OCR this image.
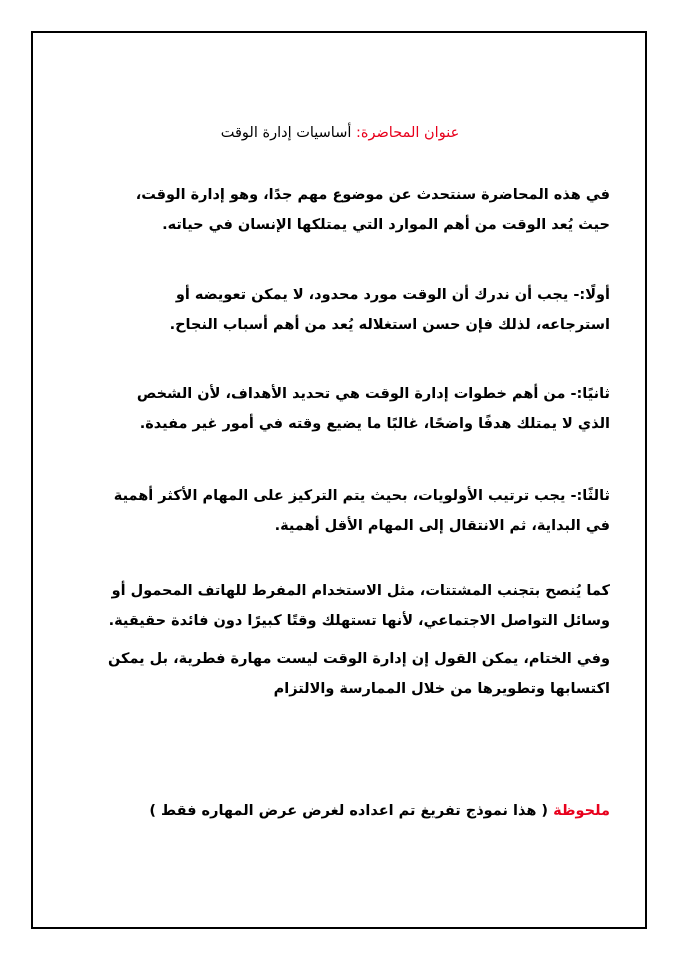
عنوان المحاضرة: أساسيات إدارة الوقت

في هذه المحاضرة سنتحدث عن موضوع مهم جدًا، وهو إدارة الوقت،
حيث يُعد الوقت من أهم الموارد التي يمتلكها الإنسان في حياته.

أولًا:- يجب أن ندرك أن الوقت مورد محدود، لا يمكن تعويضه أو
استرجاعه، لذلك فإن حسن استغلاله يُعد من أهم أسباب النجاح.

ثانيًا:- من أهم خطوات إدارة الوقت هي تحديد الأهداف، لأن الشخص
الذي لا يمتلك هدفًا واضحًا، غالبًا ما يضيع وقته في أمور غير مفيدة.

ثالثًا:- يجب ترتيب الأولويات، بحيث يتم التركيز على المهام الأكثر أهمية
في البداية، ثم الانتقال إلى المهام الأقل أهمية.

كما يُنصح بتجنب المشتتات، مثل الاستخدام المفرط للهاتف المحمول أو
وسائل التواصل الاجتماعي، لأنها تستهلك وقتًا كبيرًا دون فائدة حقيقية.

وفي الختام، يمكن القول إن إدارة الوقت ليست مهارة فطرية، بل يمكن
اكتسابها وتطويرها من خلال الممارسة والالتزام

ملحوظة ( هذا نموذج تفريغ تم اعداده لغرض عرض المهاره فقط )
